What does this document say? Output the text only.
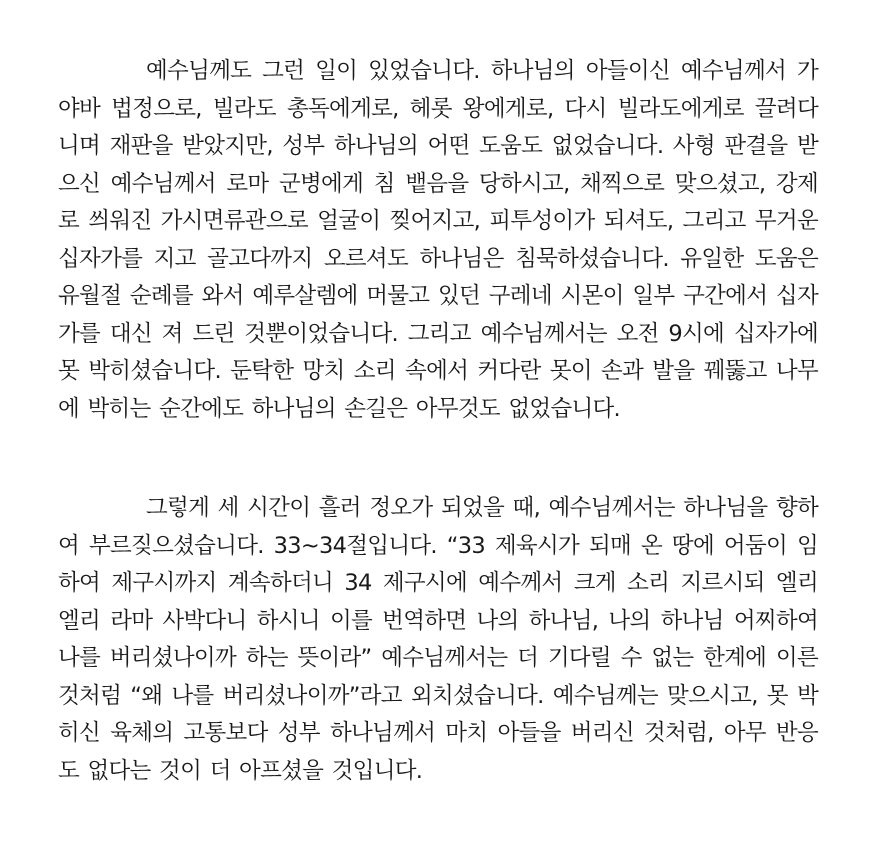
예수님께도 그런 일이 있었습니다. 하나님의 아들이신 예수님께서 가야바 법정으로, 빌라도 총독에게로, 헤롯 왕에게로, 다시 빌라도에게로 끌려다니며 재판을 받았지만, 성부 하나님의 어떤 도움도 없었습니다. 사형 판결을 받으신 예수님께서 로마 군병에게 침 뱉음을 당하시고, 채찍으로 맞으셨고, 강제로 씌워진 가시면류관으로 얼굴이 찢어지고, 피투성이가 되셔도, 그리고 무거운 십자가를 지고 골고다까지 오르셔도 하나님은 침묵하셨습니다. 유일한 도움은 유월절 순례를 와서 예루살렘에 머물고 있던 구레네 시몬이 일부 구간에서 십자가를 대신 져 드린 것뿐이었습니다. 그리고 예수님께서는 오전 9시에 십자가에 못 박히셨습니다. 둔탁한 망치 소리 속에서 커다란 못이 손과 발을 꿰뚫고 나무에 박히는 순간에도 하나님의 손길은 아무것도 없었습니다.

그렇게 세 시간이 흘러 정오가 되었을 때, 예수님께서는 하나님을 향하여 부르짖으셨습니다. 33~34절입니다. “33 제육시가 되매 온 땅에 어둠이 임하여 제구시까지 계속하더니 34 제구시에 예수께서 크게 소리 지르시되 엘리 엘리 라마 사박다니 하시니 이를 번역하면 나의 하나님, 나의 하나님 어찌하여 나를 버리셨나이까 하는 뜻이라” 예수님께서는 더 기다릴 수 없는 한계에 이른 것처럼 “왜 나를 버리셨나이까”라고 외치셨습니다. 예수님께는 맞으시고, 못 박히신 육체의 고통보다 성부 하나님께서 마치 아들을 버리신 것처럼, 아무 반응도 없다는 것이 더 아프셨을 것입니다.
